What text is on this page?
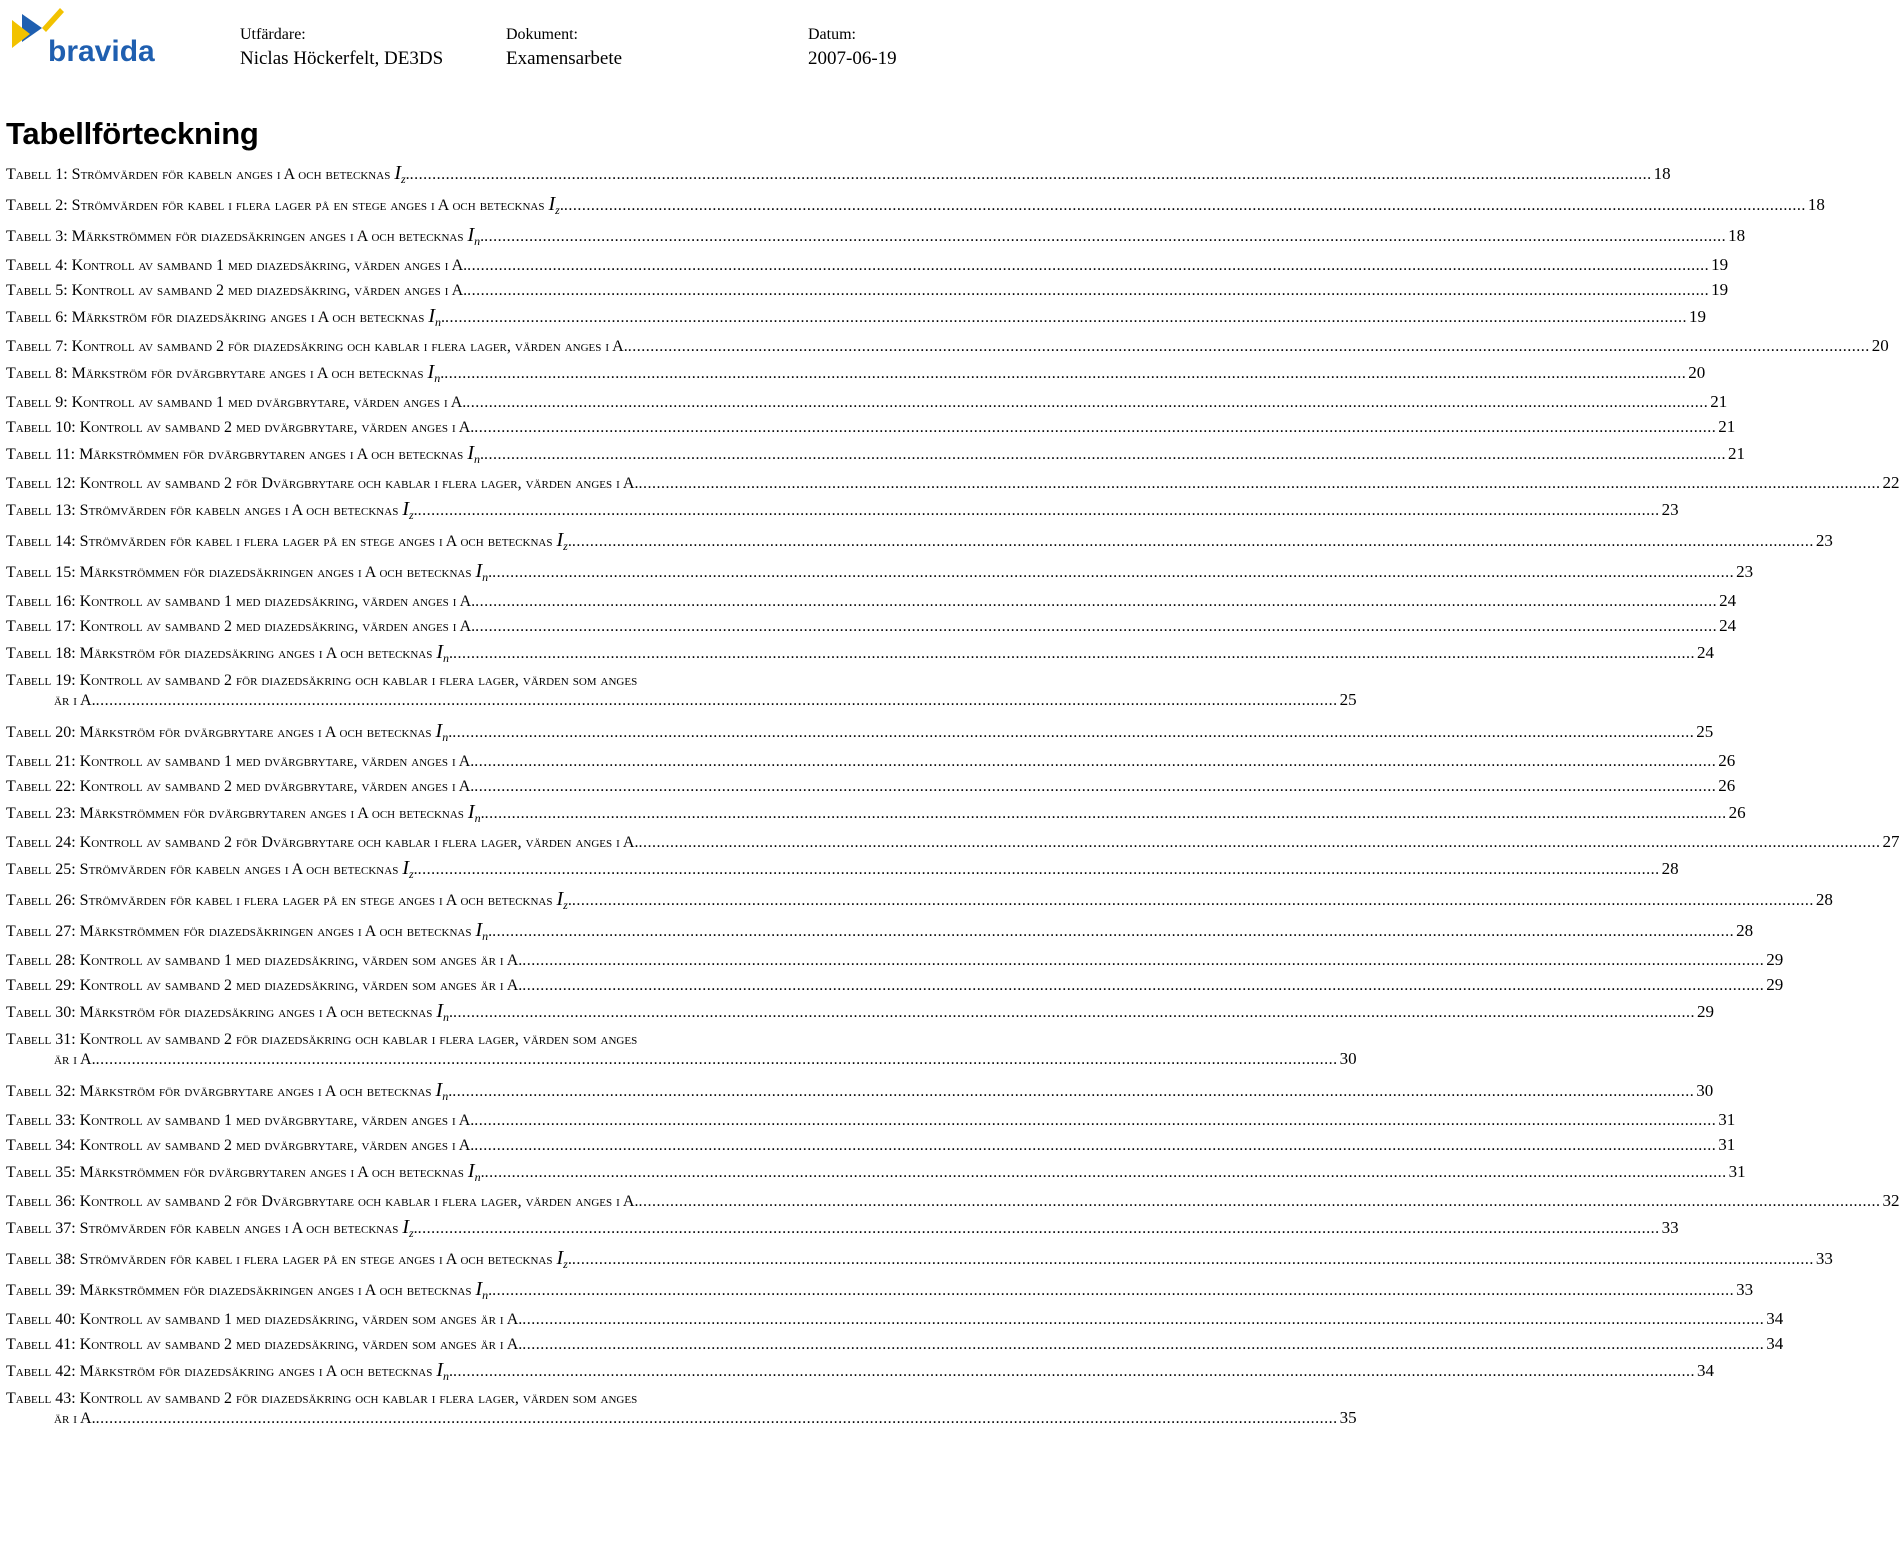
bravida
Utfärdare:
Niclas Höckerfelt, DE3DS
Dokument:
Examensarbete
Datum:
2007-06-19
Tabellförteckning
Tabell 1: Strömvärden för kabeln anges i A och betecknas $I_z$. .....	18
Tabell 2: Strömvärden för kabel i flera lager på en stege anges i A och betecknas $I_z$. .....	18
Tabell 3: Märkströmmen för diazedsäkringen anges i A och betecknas $I_n$. .....	18
Tabell 4: Kontroll av samband 1 med diazedsäkring, värden anges i A. .....	19
Tabell 5: Kontroll av samband 2 med diazedsäkring, värden anges i A. .....	19
Tabell 6: Märkström för diazedsäkring anges i A och betecknas $I_n$. .....	19
Tabell 7: Kontroll av samband 2 för diazedsäkring och kablar i flera lager, värden anges i A. .....	20
Tabell 8: Märkström för dvärgbrytare anges i A och betecknas $I_n$. .....	20
Tabell 9: Kontroll av samband 1 med dvärgbrytare, värden anges i A. .....	21
Tabell 10: Kontroll av samband 2 med dvärgbrytare, värden anges i A. .....	21
Tabell 11: Märkströmmen för dvärgbrytaren anges i A och betecknas $I_n$. .....	21
Tabell 12: Kontroll av samband 2 för Dvärgbrytare och kablar i flera lager, värden anges i A. .....	22
Tabell 13: Strömvärden för kabeln anges i A och betecknas $I_z$. .....	23
Tabell 14: Strömvärden för kabel i flera lager på en stege anges i A och betecknas $I_z$. .....	23
Tabell 15: Märkströmmen för diazedsäkringen anges i A och betecknas $I_n$. .....	23
Tabell 16: Kontroll av samband 1 med diazedsäkring, värden anges i A. .....	24
Tabell 17: Kontroll av samband 2 med diazedsäkring, värden anges i A. .....	24
Tabell 18: Märkström för diazedsäkring anges i A och betecknas $I_n$. .....	24
Tabell 19: Kontroll av samband 2 för diazedsäkring och kablar i flera lager, värden som anges
är i A. .....	25
Tabell 20: Märkström för dvärgbrytare anges i A och betecknas $I_n$. .....	25
Tabell 21: Kontroll av samband 1 med dvärgbrytare, värden anges i A. .....	26
Tabell 22: Kontroll av samband 2 med dvärgbrytare, värden anges i A. .....	26
Tabell 23: Märkströmmen för dvärgbrytaren anges i A och betecknas $I_n$. .....	26
Tabell 24: Kontroll av samband 2 för Dvärgbrytare och kablar i flera lager, värden anges i A. .....	27
Tabell 25: Strömvärden för kabeln anges i A och betecknas $I_z$. .....	28
Tabell 26: Strömvärden för kabel i flera lager på en stege anges i A och betecknas $I_z$. .....	28
Tabell 27: Märkströmmen för diazedsäkringen anges i A och betecknas $I_n$. .....	28
Tabell 28: Kontroll av samband 1 med diazedsäkring, värden som anges är i A. .....	29
Tabell 29: Kontroll av samband 2 med diazedsäkring, värden som anges är i A. .....	29
Tabell 30: Märkström för diazedsäkring anges i A och betecknas $I_n$. .....	29
Tabell 31: Kontroll av samband 2 för diazedsäkring och kablar i flera lager, värden som anges
är i A. .....	30
Tabell 32: Märkström för dvärgbrytare anges i A och betecknas $I_n$. .....	30
Tabell 33: Kontroll av samband 1 med dvärgbrytare, värden anges i A. .....	31
Tabell 34: Kontroll av samband 2 med dvärgbrytare, värden anges i A. .....	31
Tabell 35: Märkströmmen för dvärgbrytaren anges i A och betecknas $I_n$. .....	31
Tabell 36: Kontroll av samband 2 för Dvärgbrytare och kablar i flera lager, värden anges i A. .....	32
Tabell 37: Strömvärden för kabeln anges i A och betecknas $I_z$. .....	33
Tabell 38: Strömvärden för kabel i flera lager på en stege anges i A och betecknas $I_z$. .....	33
Tabell 39: Märkströmmen för diazedsäkringen anges i A och betecknas $I_n$. .....	33
Tabell 40: Kontroll av samband 1 med diazedsäkring, värden som anges är i A. .....	34
Tabell 41: Kontroll av samband 2 med diazedsäkring, värden som anges är i A. .....	34
Tabell 42: Märkström för diazedsäkring anges i A och betecknas $I_n$. .....	34
Tabell 43: Kontroll av samband 2 för diazedsäkring och kablar i flera lager, värden som anges
är i A. .....	35
